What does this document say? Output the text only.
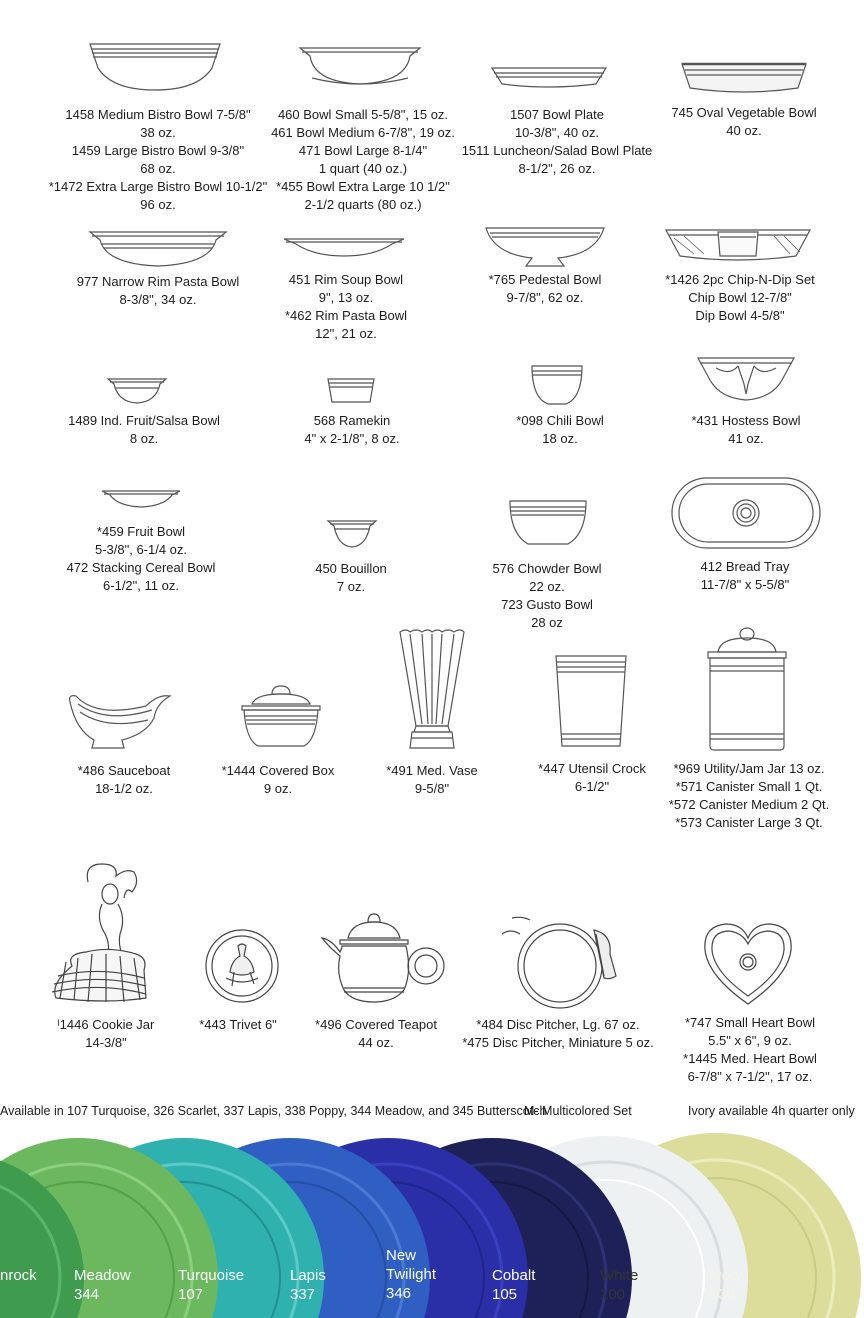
1458 Medium Bistro Bowl 7-5/8"
38 oz.
1459 Large Bistro Bowl 9-3/8"
68 oz.
*1472 Extra Large Bistro Bowl 10-1/2"
96 oz.
460 Bowl Small 5-5/8", 15 oz.
461 Bowl Medium 6-7/8", 19 oz.
471 Bowl Large 8-1/4"
1 quart (40 oz.)
*455 Bowl Extra Large 10 1/2"
2-1/2 quarts (80 oz.)
1507 Bowl Plate
10-3/8", 40 oz.
1511 Luncheon/Salad Bowl Plate
8-1/2", 26 oz.
745 Oval Vegetable Bowl
40 oz.
977 Narrow Rim Pasta Bowl
8-3/8", 34 oz.
451 Rim Soup Bowl
9", 13 oz.
*462 Rim Pasta Bowl
12", 21 oz.
*765 Pedestal Bowl
9-7/8", 62 oz.
*1426 2pc Chip-N-Dip Set
Chip Bowl 12-7/8"
Dip Bowl 4-5/8"
1489 Ind. Fruit/Salsa Bowl
8 oz.
568 Ramekin
4" x 2-1/8", 8 oz.
*098 Chili Bowl
18 oz.
*431 Hostess Bowl
41 oz.
*459 Fruit Bowl
5-3/8", 6-1/4 oz.
472 Stacking Cereal Bowl
6-1/2", 11 oz.
450 Bouillon
7 oz.
576 Chowder Bowl
22 oz.
723 Gusto Bowl
28 oz
412 Bread Tray
11-7/8" x 5-5/8"
*486 Sauceboat
18-1/2 oz.
*1444 Covered Box
9 oz.
*491 Med. Vase
9-5/8"
*447 Utensil Crock
6-1/2"
*969 Utility/Jam Jar 13 oz.
*571 Canister Small 1 Qt.
*572 Canister Medium 2 Qt.
*573 Canister Large 3 Qt.
ˡ1446 Cookie Jar
14-3/8"
*443 Trivet 6"	*496 Covered Teapot
44 oz.
*484 Disc Pitcher, Lg. 67 oz.
*475 Disc Pitcher, Miniature 5 oz.
*747 Small Heart Bowl
5.5" x 6", 9 oz.
*1445 Med. Heart Bowl
6-7/8" x 7-1/2", 17 oz.
Available in 107 Turquoise, 326 Scarlet, 337 Lapis, 338 Poppy, 344 Meadow, and 345 Butterscotch
M- Multicolored Set	Ivory available 4h quarter only
nrock Meadow
344
Turquoise
107
Lapis
337
New Twilight
346
Cobalt
105
White
100
Ivory
330
